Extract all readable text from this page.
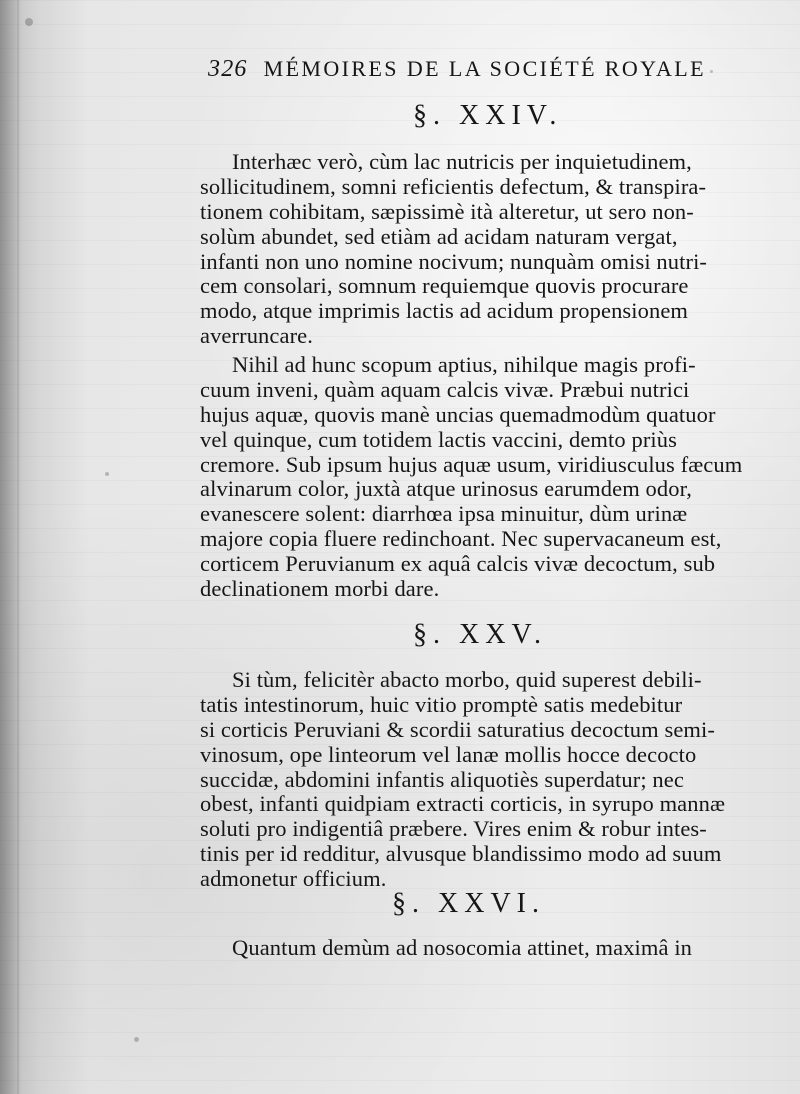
326 MÉMOIRES DE LA SOCIÉTÉ ROYALE
§. XXIV.
Interhæc verò, cùm lac nutricis per inquietudinem,
sollicitudinem, somni reficientis defectum, & transpira-
tionem cohibitam, sæpissimè ità alteretur, ut sero non-
solùm abundet, sed etiàm ad acidam naturam vergat,
infanti non uno nomine nocivum; nunquàm omisi nutri-
cem consolari, somnum requiemque quovis procurare
modo, atque imprimis lactis ad acidum propensionem
averruncare.
Nihil ad hunc scopum aptius, nihilque magis profi-
cuum inveni, quàm aquam calcis vivæ. Præbui nutrici
hujus aquæ, quovis manè uncias quemadmodùm quatuor
vel quinque, cum totidem lactis vaccini, demto priùs
cremore. Sub ipsum hujus aquæ usum, viridiusculus fæcum
alvinarum color, juxtà atque urinosus earumdem odor,
evanescere solent: diarrhœa ipsa minuitur, dùm urinæ
majore copia fluere redinchoant. Nec supervacaneum est,
corticem Peruvianum ex aquâ calcis vivæ decoctum, sub
declinationem morbi dare.
§. XXV.
Si tùm, felicitèr abacto morbo, quid superest debili-
tatis intestinorum, huic vitio promptè satis medebitur
si corticis Peruviani & scordii saturatius decoctum semi-
vinosum, ope linteorum vel lanæ mollis hocce decocto
succidæ, abdomini infantis aliquotiès superdatur; nec
obest, infanti quidpiam extracti corticis, in syrupo mannæ
soluti pro indigentiâ præbere. Vires enim & robur intes-
tinis per id redditur, alvusque blandissimo modo ad suum
admonetur officium.
§. XXVI.
Quantum demùm ad nosocomia attinet, maximâ in
